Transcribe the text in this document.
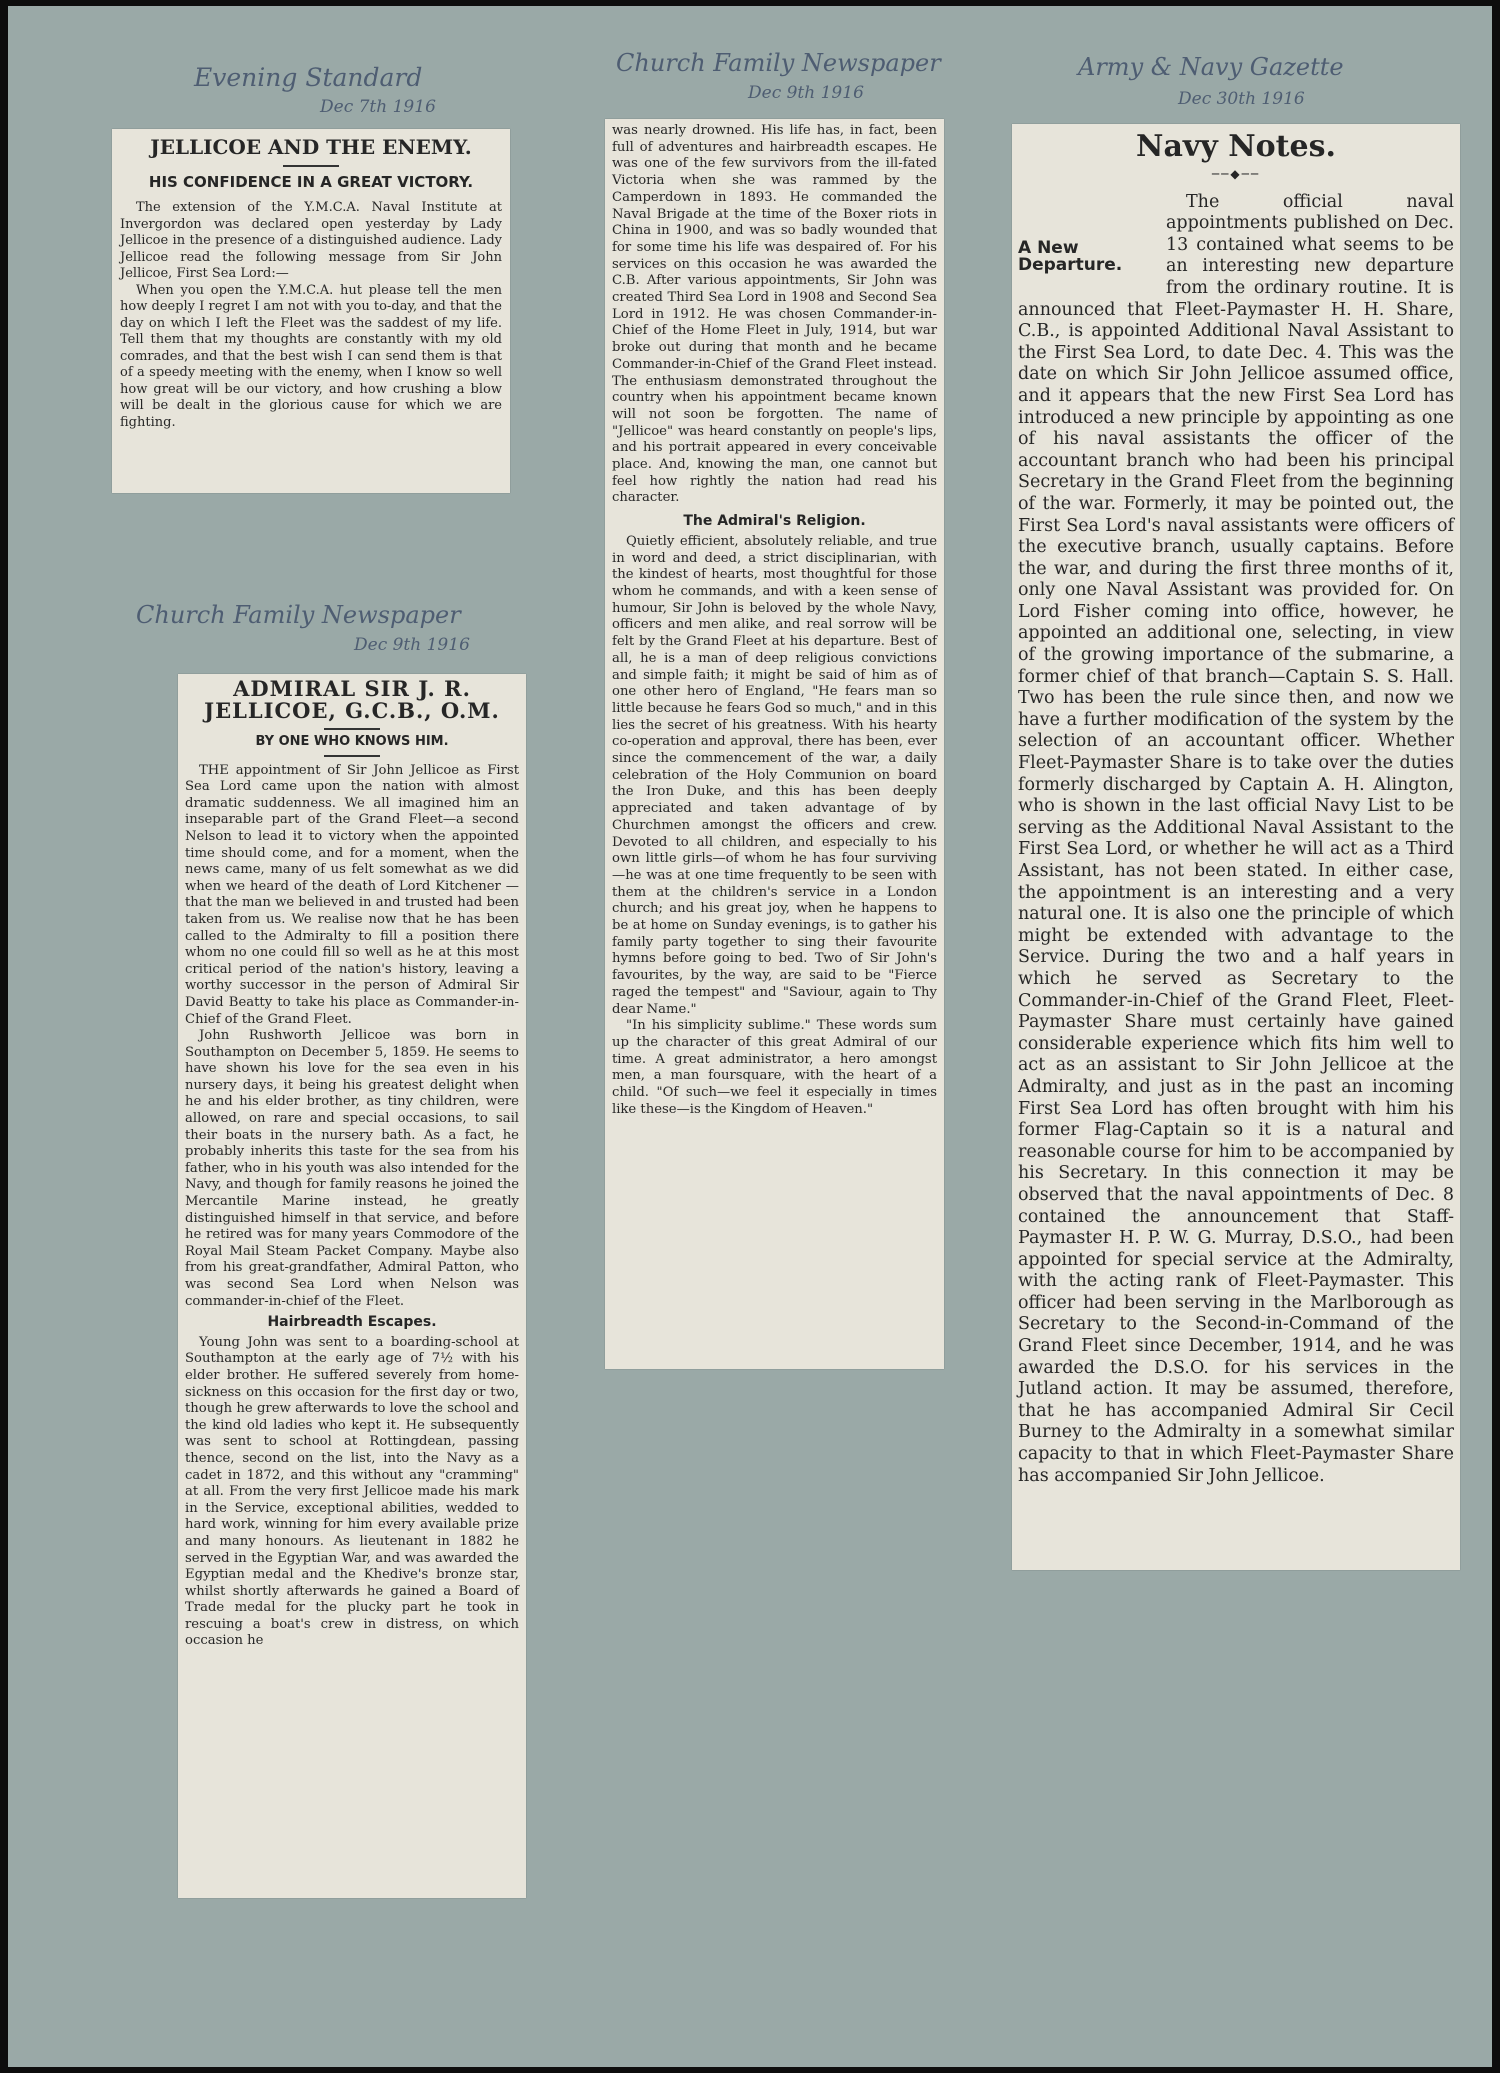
Evening Standard
Dec 7th 1916
Church Family Newspaper
Dec 9th 1916
Army & Navy Gazette
Dec 30th 1916
Church Family Newspaper
Dec 9th 1916
JELLICOE AND THE ENEMY.
HIS CONFIDENCE IN A GREAT VICTORY.

The extension of the Y.M.C.A. Naval Institute at Invergordon was declared open yesterday by Lady Jellicoe in the presence of a distinguished audience. Lady Jellicoe read the following message from Sir John Jellicoe, First Sea Lord:—

When you open the Y.M.C.A. hut please tell the men how deeply I regret I am not with you to-day, and that the day on which I left the Fleet was the saddest of my life. Tell them that my thoughts are constantly with my old comrades, and that the best wish I can send them is that of a speedy meeting with the enemy, when I know so well how great will be our victory, and how crushing a blow will be dealt in the glorious cause for which we are fighting.

ADMIRAL SIR J. R.
JELLICOE, G.C.B., O.M.
BY ONE WHO KNOWS HIM.

THE appointment of Sir John Jellicoe as First Sea Lord came upon the nation with almost dramatic suddenness. We all imagined him an inseparable part of the Grand Fleet—a second Nelson to lead it to victory when the appointed time should come, and for a moment, when the news came, many of us felt somewhat as we did when we heard of the death of Lord Kitchener — that the man we believed in and trusted had been taken from us. We realise now that he has been called to the Admiralty to fill a position there whom no one could fill so well as he at this most critical period of the nation's history, leaving a worthy successor in the person of Admiral Sir David Beatty to take his place as Commander-in-Chief of the Grand Fleet.

John Rushworth Jellicoe was born in Southampton on December 5, 1859. He seems to have shown his love for the sea even in his nursery days, it being his greatest delight when he and his elder brother, as tiny children, were allowed, on rare and special occasions, to sail their boats in the nursery bath. As a fact, he probably inherits this taste for the sea from his father, who in his youth was also intended for the Navy, and though for family reasons he joined the Mercantile Marine instead, he greatly distinguished himself in that service, and before he retired was for many years Commodore of the Royal Mail Steam Packet Company. Maybe also from his great-grandfather, Admiral Patton, who was second Sea Lord when Nelson was commander-in-chief of the Fleet.

Hairbreadth Escapes.

Young John was sent to a boarding-school at Southampton at the early age of 7½ with his elder brother. He suffered severely from home-sickness on this occasion for the first day or two, though he grew afterwards to love the school and the kind old ladies who kept it. He subsequently was sent to school at Rottingdean, passing thence, second on the list, into the Navy as a cadet in 1872, and this without any "cramming" at all. From the very first Jellicoe made his mark in the Service, exceptional abilities, wedded to hard work, winning for him every available prize and many honours. As lieutenant in 1882 he served in the Egyptian War, and was awarded the Egyptian medal and the Khedive's bronze star, whilst shortly afterwards he gained a Board of Trade medal for the plucky part he took in rescuing a boat's crew in distress, on which occasion he

was nearly drowned. His life has, in fact, been full of adventures and hairbreadth escapes. He was one of the few survivors from the ill-fated Victoria when she was rammed by the Camperdown in 1893. He commanded the Naval Brigade at the time of the Boxer riots in China in 1900, and was so badly wounded that for some time his life was despaired of. For his services on this occasion he was awarded the C.B. After various appointments, Sir John was created Third Sea Lord in 1908 and Second Sea Lord in 1912. He was chosen Commander-in-Chief of the Home Fleet in July, 1914, but war broke out during that month and he became Commander-in-Chief of the Grand Fleet instead. The enthusiasm demonstrated throughout the country when his appointment became known will not soon be forgotten. The name of "Jellicoe" was heard constantly on people's lips, and his portrait appeared in every conceivable place. And, knowing the man, one cannot but feel how rightly the nation had read his character.

The Admiral's Religion.

Quietly efficient, absolutely reliable, and true in word and deed, a strict disciplinarian, with the kindest of hearts, most thoughtful for those whom he commands, and with a keen sense of humour, Sir John is beloved by the whole Navy, officers and men alike, and real sorrow will be felt by the Grand Fleet at his departure. Best of all, he is a man of deep religious convictions and simple faith; it might be said of him as of one other hero of England, "He fears man so little because he fears God so much," and in this lies the secret of his greatness. With his hearty co-operation and approval, there has been, ever since the commencement of the war, a daily celebration of the Holy Communion on board the Iron Duke, and this has been deeply appreciated and taken advantage of by Churchmen amongst the officers and crew. Devoted to all children, and especially to his own little girls—of whom he has four surviving—he was at one time frequently to be seen with them at the children's service in a London church; and his great joy, when he happens to be at home on Sunday evenings, is to gather his family party together to sing their favourite hymns before going to bed. Two of Sir John's favourites, by the way, are said to be "Fierce raged the tempest" and "Saviour, again to Thy dear Name."

"In his simplicity sublime." These words sum up the character of this great Admiral of our time. A great administrator, a hero amongst men, a man foursquare, with the heart of a child. "Of such—we feel it especially in times like these—is the Kingdom of Heaven."

Navy Notes.
──◆──
A New Departure.

The official naval appointments published on Dec. 13 contained what seems to be an interesting new departure from the ordinary routine. It is announced that Fleet-Paymaster H. H. Share, C.B., is appointed Additional Naval Assistant to the First Sea Lord, to date Dec. 4. This was the date on which Sir John Jellicoe assumed office, and it appears that the new First Sea Lord has introduced a new principle by appointing as one of his naval assistants the officer of the accountant branch who had been his principal Secretary in the Grand Fleet from the beginning of the war. Formerly, it may be pointed out, the First Sea Lord's naval assistants were officers of the executive branch, usually captains. Before the war, and during the first three months of it, only one Naval Assistant was provided for. On Lord Fisher coming into office, however, he appointed an additional one, selecting, in view of the growing importance of the submarine, a former chief of that branch—Captain S. S. Hall. Two has been the rule since then, and now we have a further modification of the system by the selection of an accountant officer. Whether Fleet-Paymaster Share is to take over the duties formerly discharged by Captain A. H. Alington, who is shown in the last official Navy List to be serving as the Additional Naval Assistant to the First Sea Lord, or whether he will act as a Third Assistant, has not been stated. In either case, the appointment is an interesting and a very natural one. It is also one the principle of which might be extended with advantage to the Service. During the two and a half years in which he served as Secretary to the Commander-in-Chief of the Grand Fleet, Fleet-Paymaster Share must certainly have gained considerable experience which fits him well to act as an assistant to Sir John Jellicoe at the Admiralty, and just as in the past an incoming First Sea Lord has often brought with him his former Flag-Captain so it is a natural and reasonable course for him to be accompanied by his Secretary. In this connection it may be observed that the naval appointments of Dec. 8 contained the announcement that Staff-Paymaster H. P. W. G. Murray, D.S.O., had been appointed for special service at the Admiralty, with the acting rank of Fleet-Paymaster. This officer had been serving in the Marlborough as Secretary to the Second-in-Command of the Grand Fleet since December, 1914, and he was awarded the D.S.O. for his services in the Jutland action. It may be assumed, therefore, that he has accompanied Admiral Sir Cecil Burney to the Admiralty in a somewhat similar capacity to that in which Fleet-Paymaster Share has accompanied Sir John Jellicoe.
